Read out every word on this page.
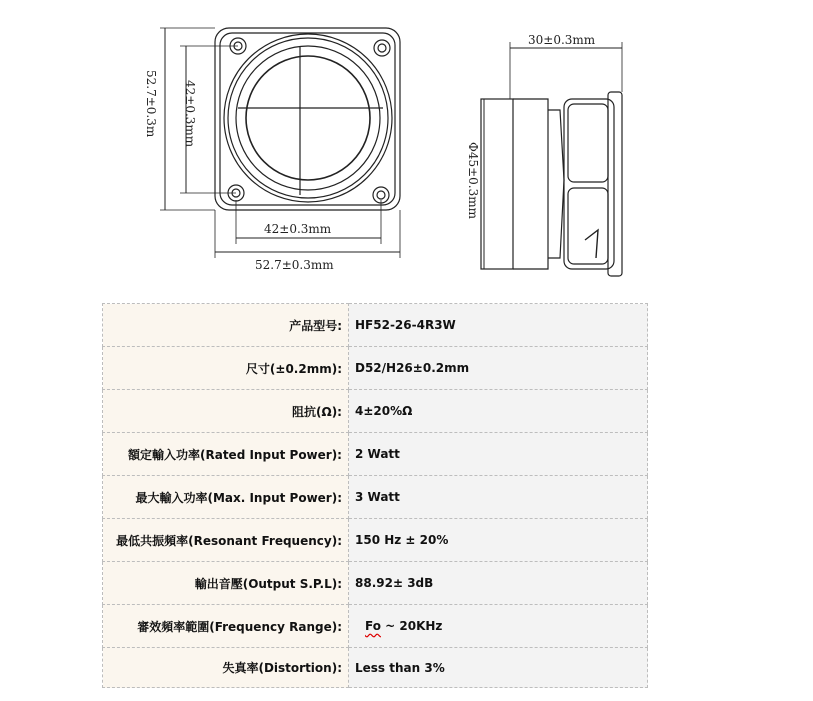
52.7±0.3m 42±0.3mm
42±0.3mm
52.7±0.3mm
30±0.3mm
Φ45±0.3mm
产品型号:	HF52-26-4R3W
尺寸(±0.2mm):	D52/H26±0.2mm
阻抗(Ω):	4±20%Ω
額定輸入功率(Rated Input Power):	2 Watt
最大輸入功率(Max. Input Power):	3 Watt
最低共振頻率(Resonant Frequency):	150 Hz ± 20%
輸出音壓(Output S.P.L):	88.92± 3dB
審效頻率範圍(Frequency Range):	Fo ~ 20KHz
失真率(Distortion):	Less than 3%
